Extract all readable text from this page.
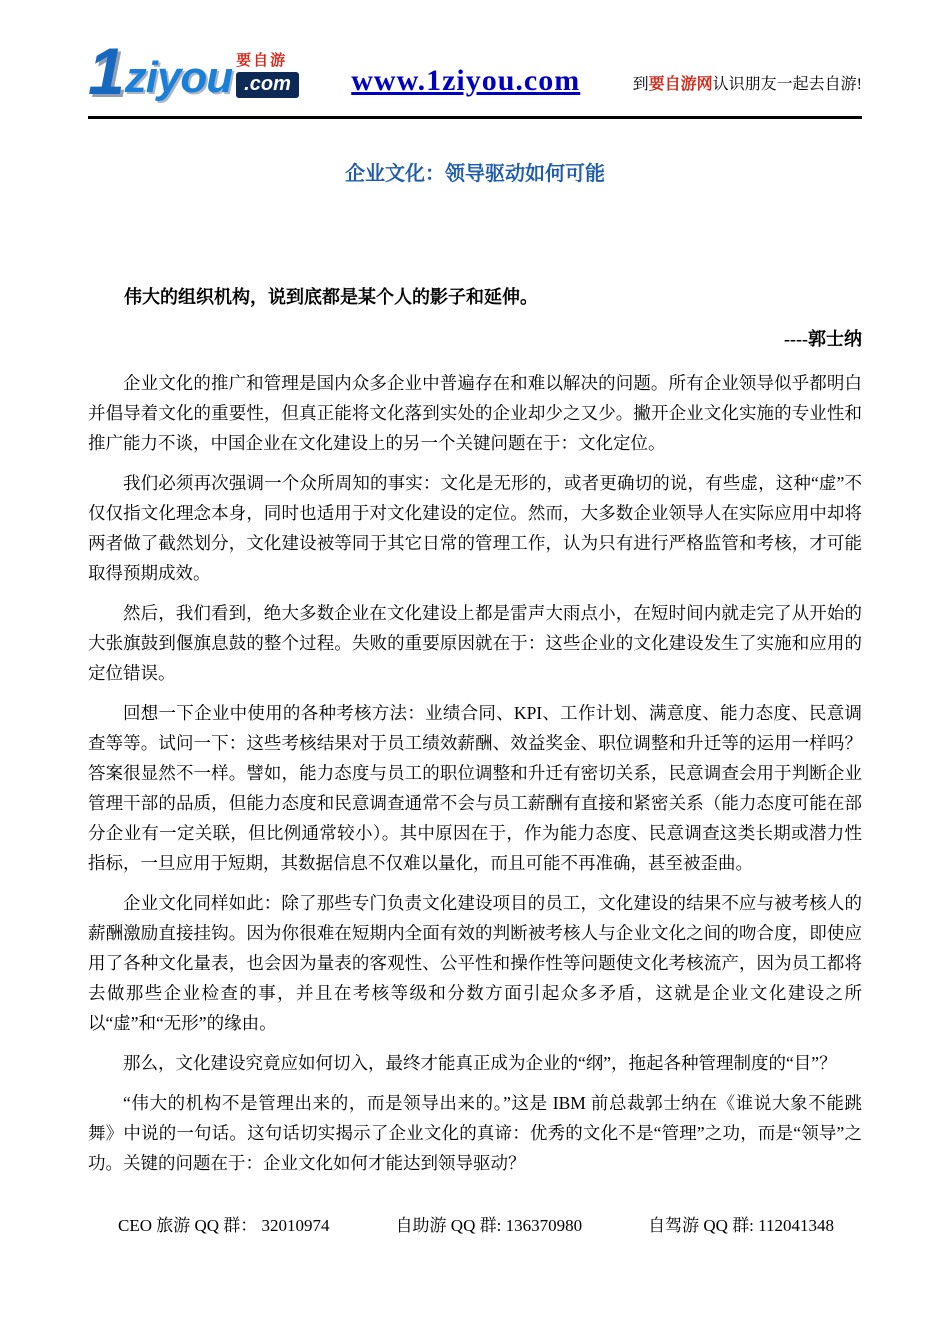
1 ziyou 要自游
.com www.1ziyou.com	到要自游网认识朋友一起去自游!
企业文化：领导驱动如何可能
伟大的组织机构，说到底都是某个人的影子和延伸。
----郭士纳

企业文化的推广和管理是国内众多企业中普遍存在和难以解决的问题。所有企业领导似乎都明白并倡导着文化的重要性，但真正能将文化落到实处的企业却少之又少。撇开企业文化实施的专业性和推广能力不谈，中国企业在文化建设上的另一个关键问题在于：文化定位。

我们必须再次强调一个众所周知的事实：文化是无形的，或者更确切的说，有些虚，这种“虚”不仅仅指文化理念本身，同时也适用于对文化建设的定位。然而，大多数企业领导人在实际应用中却将两者做了截然划分，文化建设被等同于其它日常的管理工作，认为只有进行严格监管和考核，才可能取得预期成效。

然后，我们看到，绝大多数企业在文化建设上都是雷声大雨点小，在短时间内就走完了从开始的大张旗鼓到偃旗息鼓的整个过程。失败的重要原因就在于：这些企业的文化建设发生了实施和应用的定位错误。

回想一下企业中使用的各种考核方法：业绩合同、KPI、工作计划、满意度、能力态度、民意调查等等。试问一下：这些考核结果对于员工绩效薪酬、效益奖金、职位调整和升迁等的运用一样吗？答案很显然不一样。譬如，能力态度与员工的职位调整和升迁有密切关系，民意调查会用于判断企业管理干部的品质，但能力态度和民意调查通常不会与员工薪酬有直接和紧密关系（能力态度可能在部分企业有一定关联，但比例通常较小）。其中原因在于，作为能力态度、民意调查这类长期或潜力性指标，一旦应用于短期，其数据信息不仅难以量化，而且可能不再准确，甚至被歪曲。

企业文化同样如此：除了那些专门负责文化建设项目的员工，文化建设的结果不应与被考核人的薪酬激励直接挂钩。因为你很难在短期内全面有效的判断被考核人与企业文化之间的吻合度，即使应用了各种文化量表，也会因为量表的客观性、公平性和操作性等问题使文化考核流产，因为员工都将去做那些企业检查的事，并且在考核等级和分数方面引起众多矛盾，这就是企业文化建设之所以“虚”和“无形”的缘由。

那么，文化建设究竟应如何切入，最终才能真正成为企业的“纲”，拖起各种管理制度的“目”？

“伟大的机构不是管理出来的，而是领导出来的。”这是 IBM 前总裁郭士纳在《谁说大象不能跳舞》中说的一句话。这句话切实揭示了企业文化的真谛：优秀的文化不是“管理”之功，而是“领导”之功。关键的问题在于：企业文化如何才能达到领导驱动？

CEO 旅游 QQ 群： 32010974	自助游 QQ 群: 136370980	自驾游 QQ 群: 112041348
